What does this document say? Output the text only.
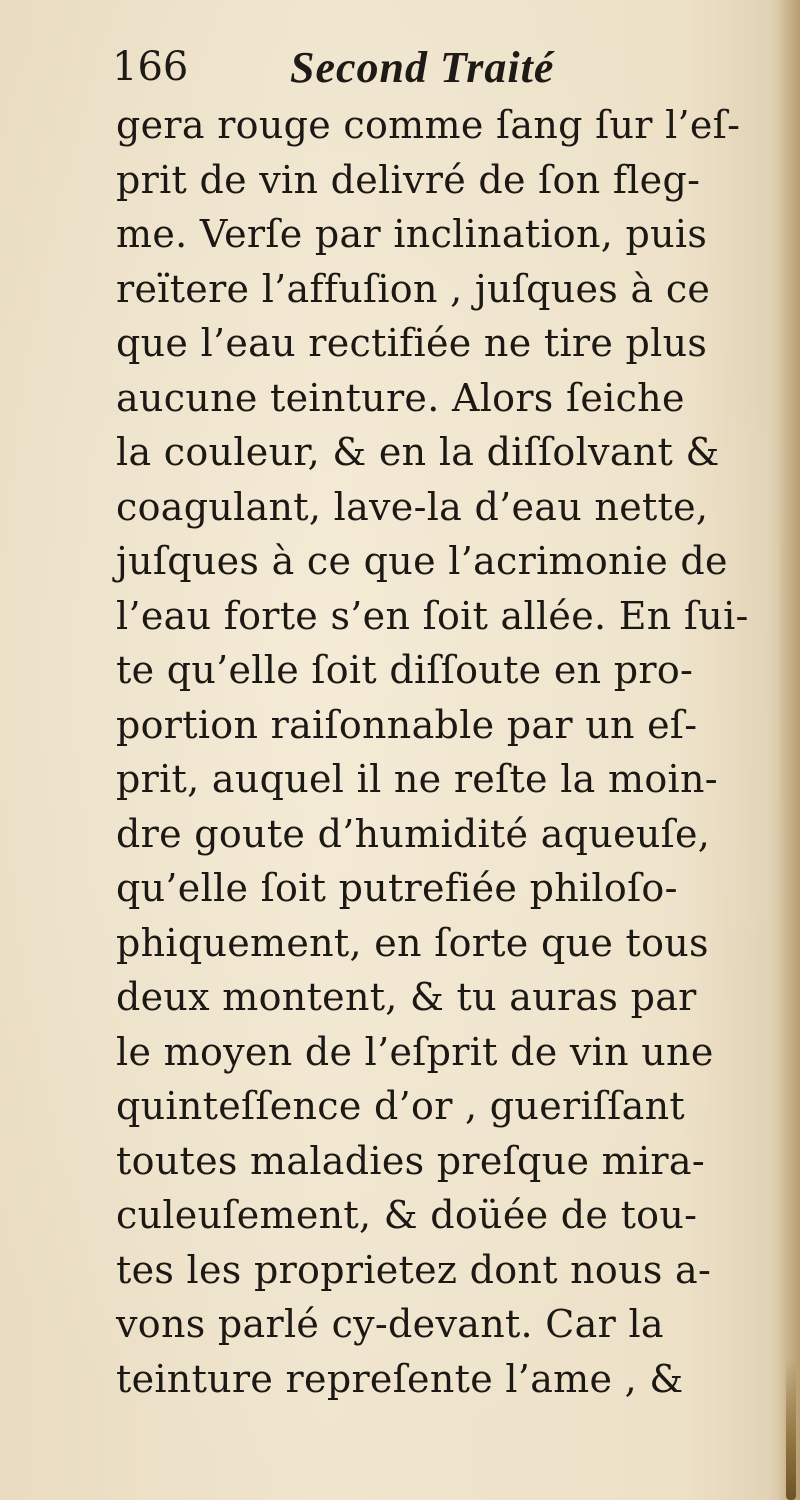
166 Second Traité
gera rouge comme ſang ſur l’eſ-
prit de vin delivré de ſon fleg-
me. Verſe par inclination, puis
reïtere l’affuſion , juſques à ce
que l’eau rectifiée ne tire plus
aucune teinture. Alors ſeiche
la couleur, & en la diſſolvant &
coagulant, lave-la d’eau nette,
juſques à ce que l’acrimonie de
l’eau forte s’en ſoit allée. En ſui-
te qu’elle ſoit diſſoute en pro-
portion raiſonnable par un eſ-
prit, auquel il ne reſte la moin-
dre goute d’humidité aqueuſe,
qu’elle ſoit putrefiée philoſo-
phiquement, en ſorte que tous
deux montent, & tu auras par
le moyen de l’eſprit de vin une
quinteſſence d’or , gueriſſant
toutes maladies preſque mira-
culeuſement, & doüée de tou-
tes les proprietez dont nous a-
vons parlé cy-devant. Car la
teinture repreſente l’ame , &
